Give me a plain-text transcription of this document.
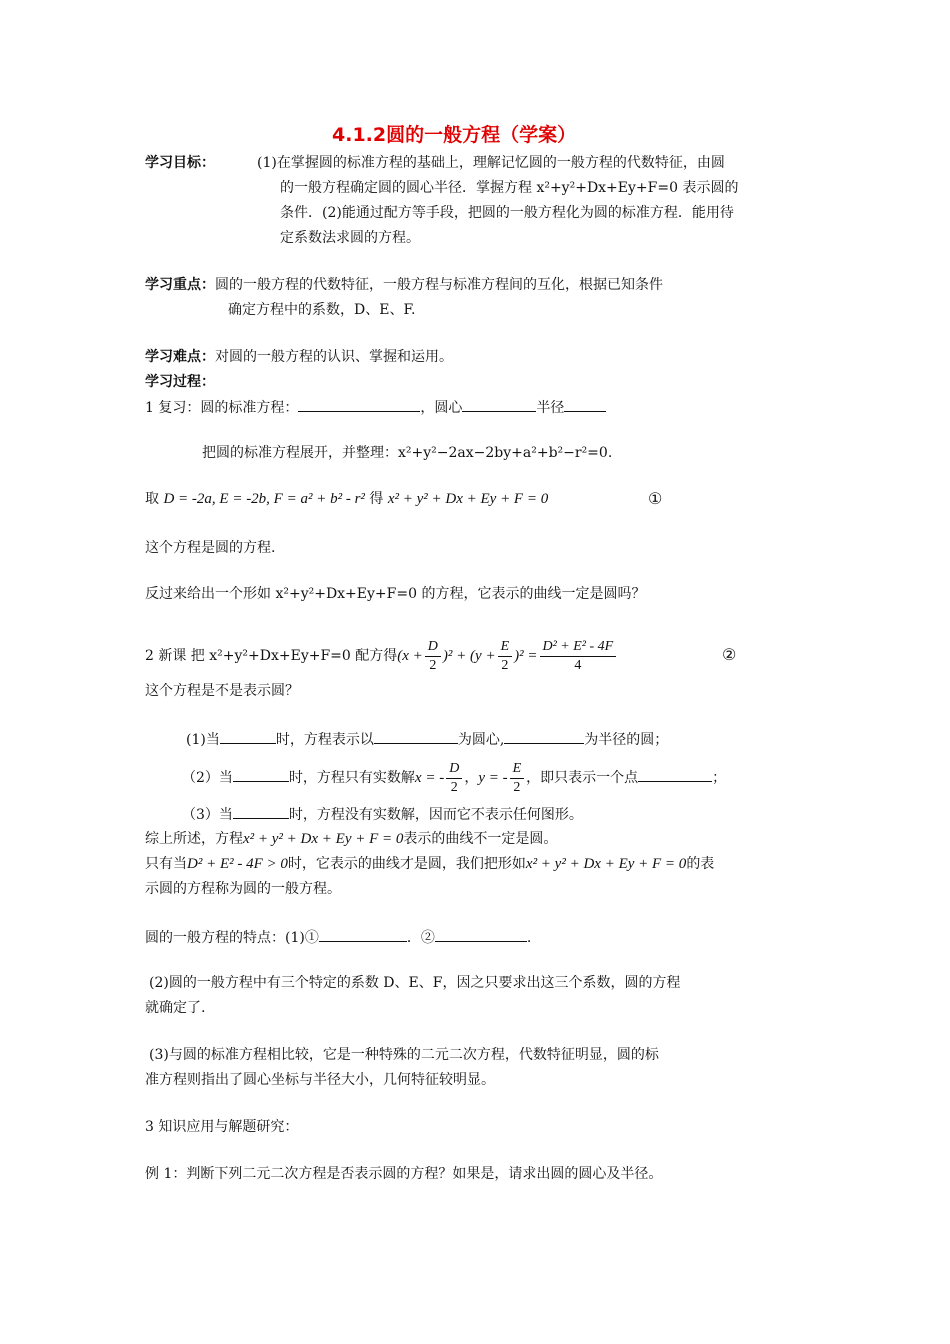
4.1.2圆的一般方程（学案）
学习目标：	(1)在掌握圆的标准方程的基础上，理解记忆圆的一般方程的代数特征，由圆
的一般方程确定圆的圆心半径．掌握方程 x²+y²+Dx+Ey+F=0 表示圆的
条件．(2)能通过配方等手段，把圆的一般方程化为圆的标准方程．能用待
定系数法求圆的方程。
学习重点：圆的一般方程的代数特征，一般方程与标准方程间的互化，根据已知条件
确定方程中的系数，D、E、F.
学习难点：对圆的一般方程的认识、掌握和运用。
学习过程：
1 复习：圆的标准方程：	，圆心	半径
把圆的标准方程展开，并整理：x²+y²−2ax−2by+a²+b²−r²=0.
取 D = -2a, E = -2b, F = a² + b² - r² 得 x² + y² + Dx + Ey + F = 0	①
这个方程是圆的方程.
反过来给出一个形如 x²+y²+Dx+Ey+F=0 的方程，它表示的曲线一定是圆吗？
2 新课 把 x²+y²+Dx+Ey+F=0 配方得$(x + \frac{D}{2} )^2 + (y + \frac{E}{2} )^2 = \frac{\text{D² + E² - 4F}}{4}$	②
这个方程是不是表示圆？
(1)当	时，方程表示以	为圆心,	为半径的圆；
（2）当	时，方程只有实数解x = - $\frac{D}{2}$ ，y = - $\frac{E}{2}$ ，即只表示一个点	；
（3）当	时，方程没有实数解，因而它不表示任何图形。
综上所述，方程x² + y² + Dx + Ey + F = 0表示的曲线不一定是圆。
只有当D² + E² - 4F > 0时，它表示的曲线才是圆，我们把形如x² + y² + Dx + Ey + F = 0的表
示圆的方程称为圆的一般方程。
圆的一般方程的特点：(1)①	．②	.
(2)圆的一般方程中有三个特定的系数 D、E、F，因之只要求出这三个系数，圆的方程
就确定了.
(3)与圆的标准方程相比较，它是一种特殊的二元二次方程，代数特征明显，圆的标
准方程则指出了圆心坐标与半径大小，几何特征较明显。
3 知识应用与解题研究：
例 1：判断下列二元二次方程是否表示圆的方程？如果是，请求出圆的圆心及半径。
